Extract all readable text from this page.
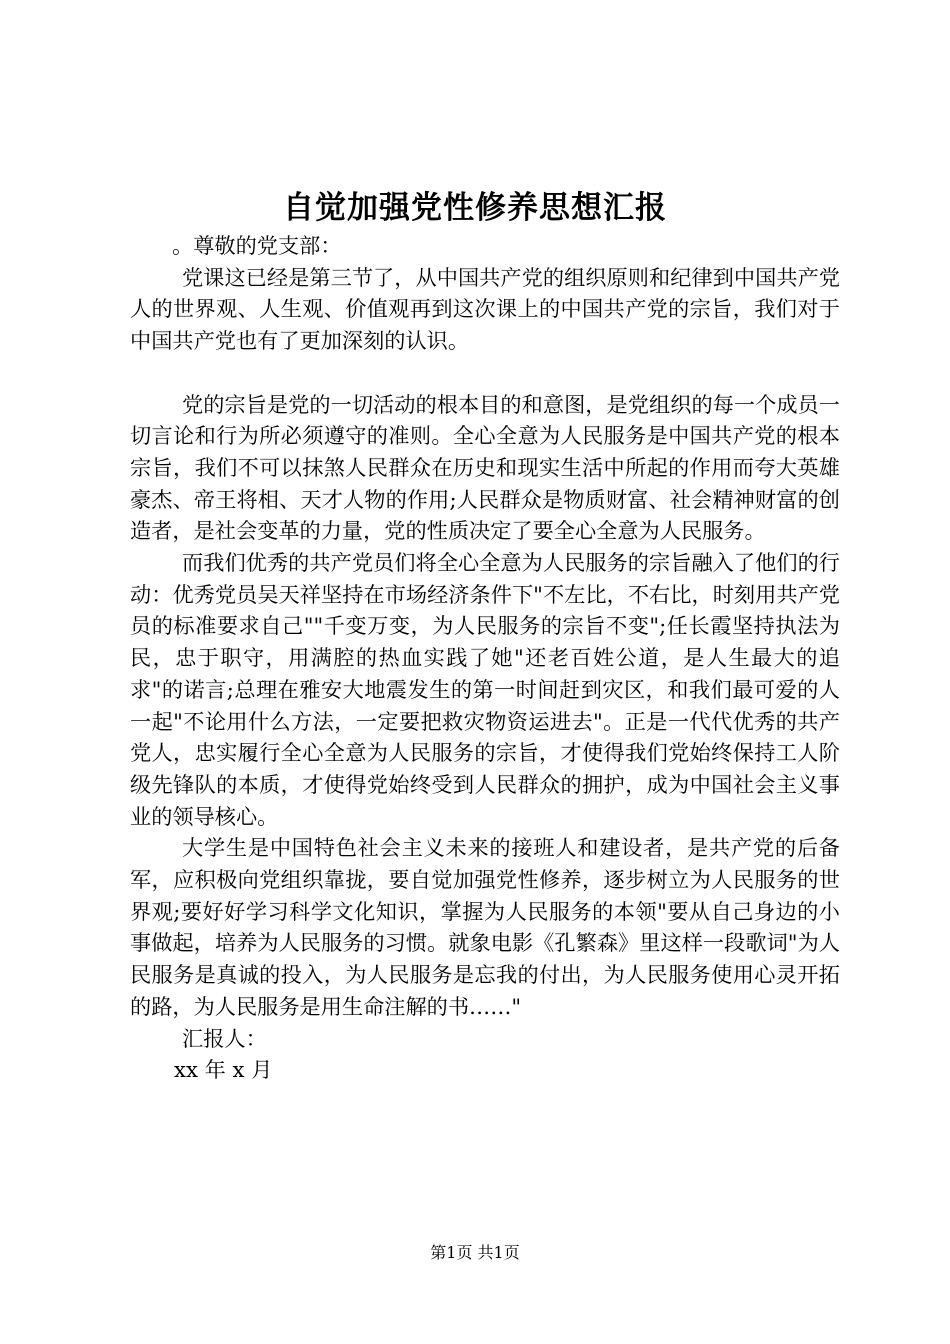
自觉加强党性修养思想汇报

。尊敬的党支部：

党课这已经是第三节了，从中国共产党的组织原则和纪律到中国共产党人的世界观、人生观、价值观再到这次课上的中国共产党的宗旨，我们对于中国共产党也有了更加深刻的认识。

党的宗旨是党的一切活动的根本目的和意图，是党组织的每一个成员一切言论和行为所必须遵守的准则。全心全意为人民服务是中国共产党的根本宗旨，我们不可以抹煞人民群众在历史和现实生活中所起的作用而夸大英雄豪杰、帝王将相、天才人物的作用;人民群众是物质财富、社会精神财富的创造者，是社会变革的力量，党的性质决定了要全心全意为人民服务。

而我们优秀的共产党员们将全心全意为人民服务的宗旨融入了他们的行动：优秀党员吴天祥坚持在市场经济条件下"不左比，不右比，时刻用共产党员的标准要求自己""千变万变，为人民服务的宗旨不变";任长霞坚持执法为民，忠于职守，用满腔的热血实践了她"还老百姓公道，是人生最大的追求"的诺言;总理在雅安大地震发生的第一时间赶到灾区，和我们最可爱的人一起"不论用什么方法，一定要把救灾物资运进去"。正是一代代优秀的共产党人，忠实履行全心全意为人民服务的宗旨，才使得我们党始终保持工人阶级先锋队的本质，才使得党始终受到人民群众的拥护，成为中国社会主义事业的领导核心。

大学生是中国特色社会主义未来的接班人和建设者，是共产党的后备军，应积极向党组织靠拢，要自觉加强党性修养，逐步树立为人民服务的世界观;要好好学习科学文化知识，掌握为人民服务的本领"要从自己身边的小事做起，培养为人民服务的习惯。就象电影《孔繁森》里这样一段歌词"为人民服务是真诚的投入，为人民服务是忘我的付出，为人民服务使用心灵开拓的路，为人民服务是用生命注解的书……"

汇报人：

xx 年 x 月

第1页 共1页
